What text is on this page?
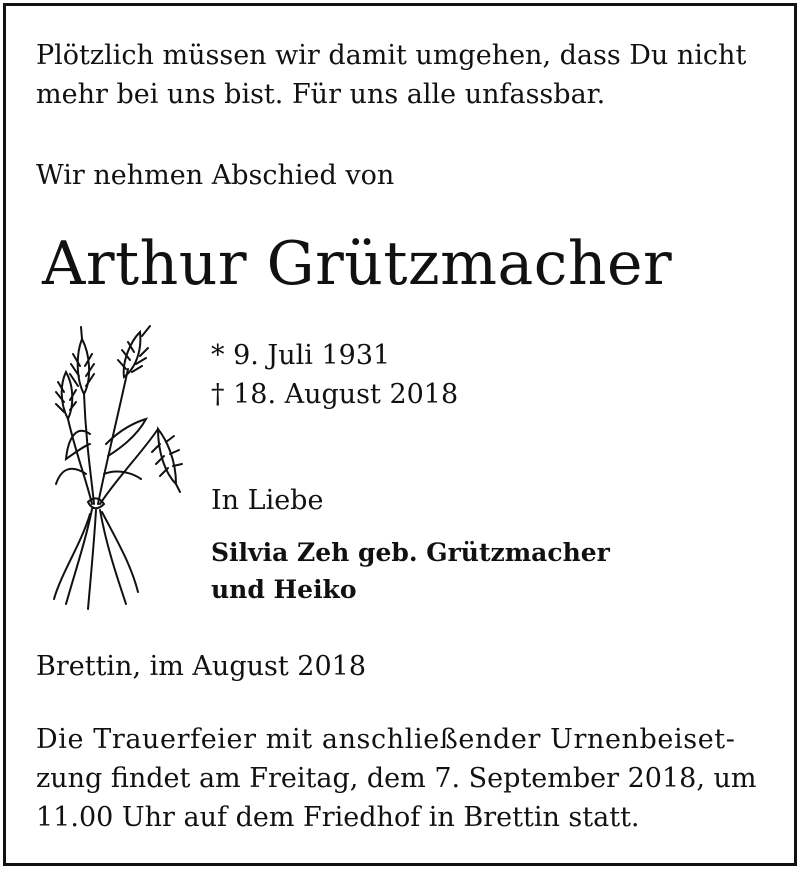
Plötzlich müssen wir damit umgehen, dass Du nicht
mehr bei uns bist. Für uns alle unfassbar.

Wir nehmen Abschied von

Arthur Grützmacher

* 9. Juli 1931
† 18. August 2018

In Liebe

Silvia Zeh geb. Grützmacher
und Heiko

Brettin, im August 2018

Die Trauerfeier mit anschließender Urnenbeiset-
zung findet am Freitag, dem 7. September 2018, um
11.00 Uhr auf dem Friedhof in Brettin statt.
